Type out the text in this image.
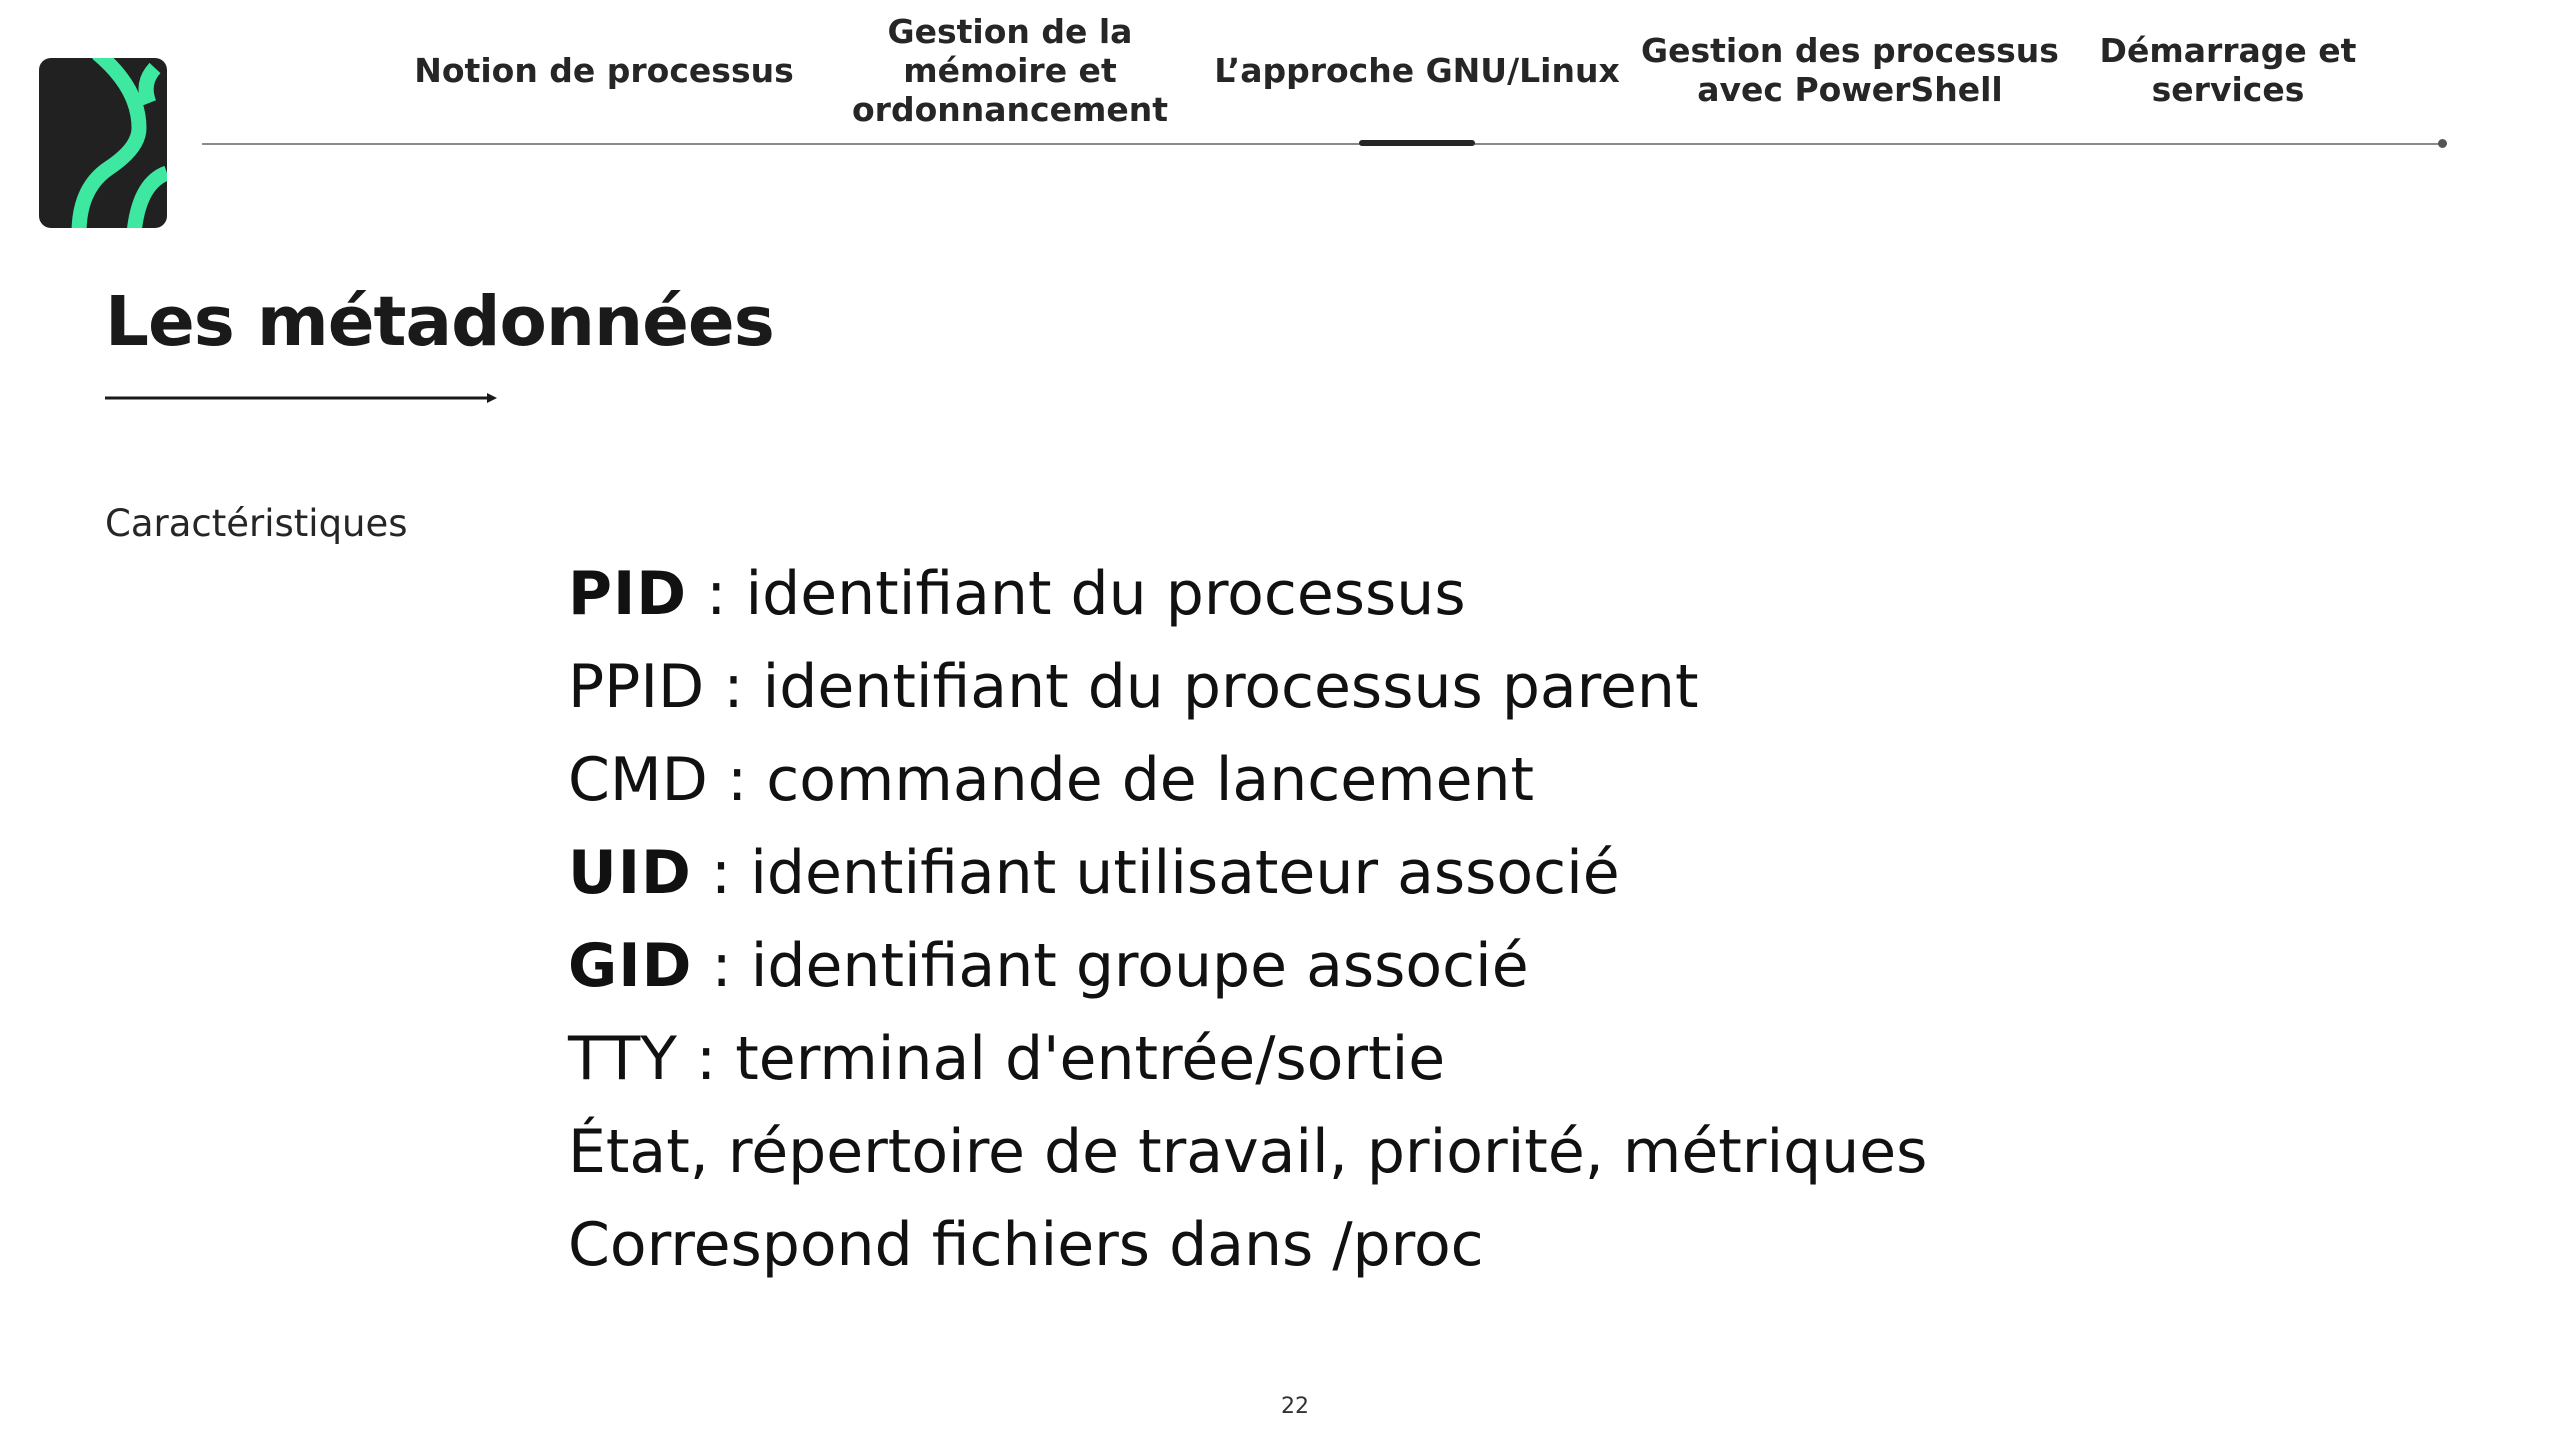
Notion de processus
Gestion de la
mémoire et
ordonnancement
L’approche GNU/Linux Gestion des processus
avec PowerShell
Démarrage et
services
Les métadonnées
Caractéristiques
PID : identifiant du processus
PPID : identifiant du processus parent
CMD : commande de lancement
UID : identifiant utilisateur associé
GID : identifiant groupe associé
TTY : terminal d'entrée/sortie
État, répertoire de travail, priorité, métriques
Correspond fichiers dans /proc
22
